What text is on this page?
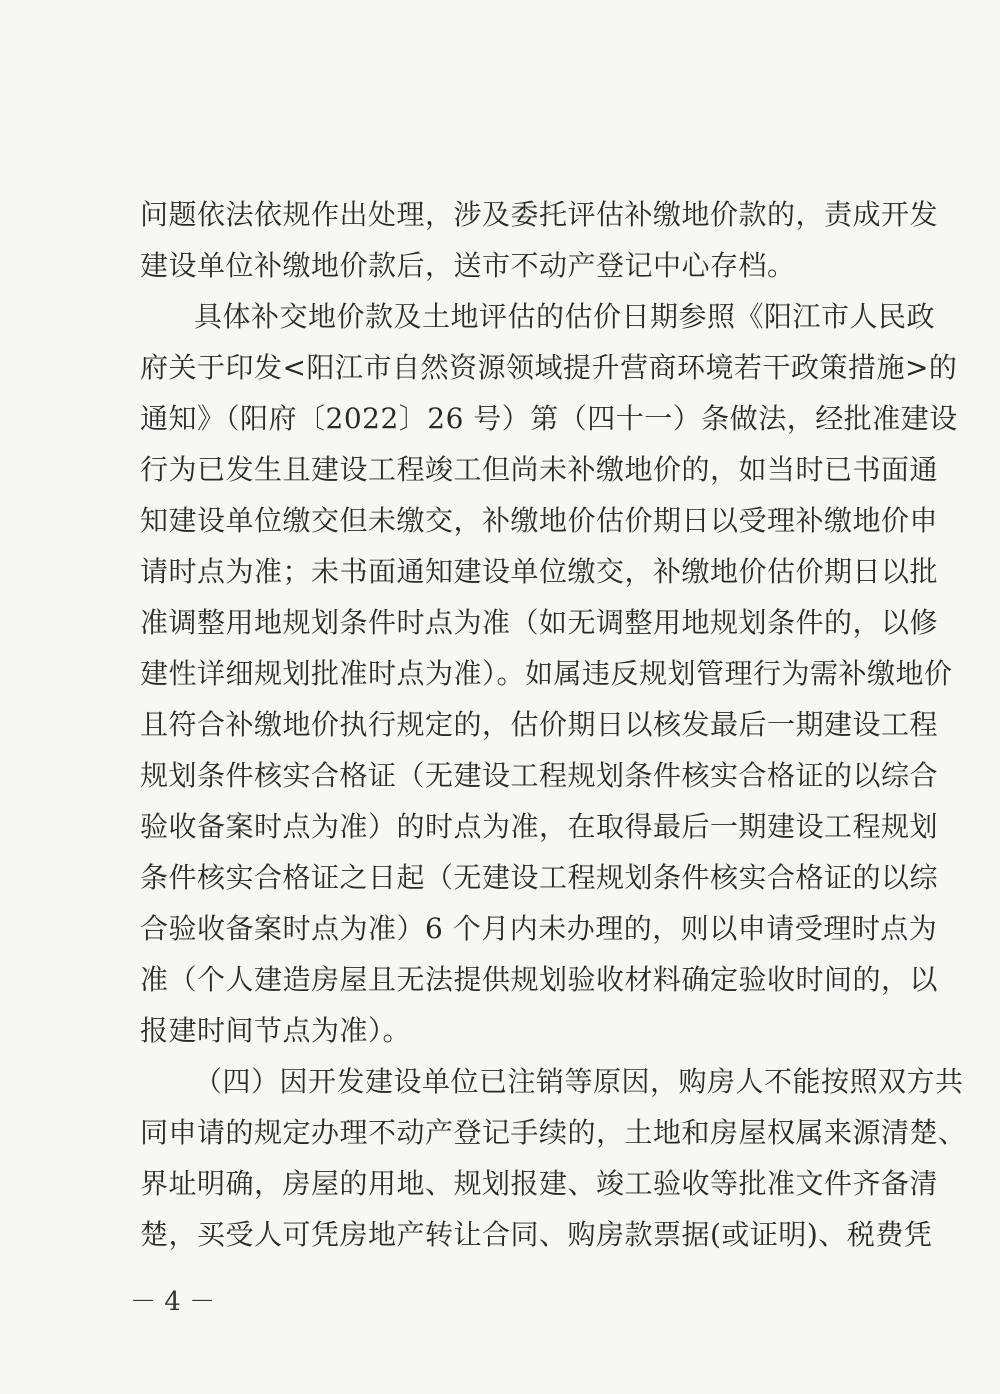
问题依法依规作出处理，涉及委托评估补缴地价款的，责成开发
建设单位补缴地价款后，送市不动产登记中心存档。
具体补交地价款及土地评估的估价日期参照《阳江市人民政
府关于印发<阳江市自然资源领域提升营商环境若干政策措施>的
通知》（阳府〔2022〕26 号）第（四十一）条做法，经批准建设
行为已发生且建设工程竣工但尚未补缴地价的，如当时已书面通
知建设单位缴交但未缴交，补缴地价估价期日以受理补缴地价申
请时点为准；未书面通知建设单位缴交，补缴地价估价期日以批
准调整用地规划条件时点为准（如无调整用地规划条件的，以修
建性详细规划批准时点为准）。如属违反规划管理行为需补缴地价
且符合补缴地价执行规定的，估价期日以核发最后一期建设工程
规划条件核实合格证（无建设工程规划条件核实合格证的以综合
验收备案时点为准）的时点为准，在取得最后一期建设工程规划
条件核实合格证之日起（无建设工程规划条件核实合格证的以综
合验收备案时点为准）6 个月内未办理的，则以申请受理时点为
准（个人建造房屋且无法提供规划验收材料确定验收时间的，以
报建时间节点为准）。
（四）因开发建设单位已注销等原因，购房人不能按照双方共
同申请的规定办理不动产登记手续的，土地和房屋权属来源清楚、
界址明确，房屋的用地、规划报建、竣工验收等批准文件齐备清
楚，买受人可凭房地产转让合同、购房款票据(或证明)、税费凭
－ 4 －
